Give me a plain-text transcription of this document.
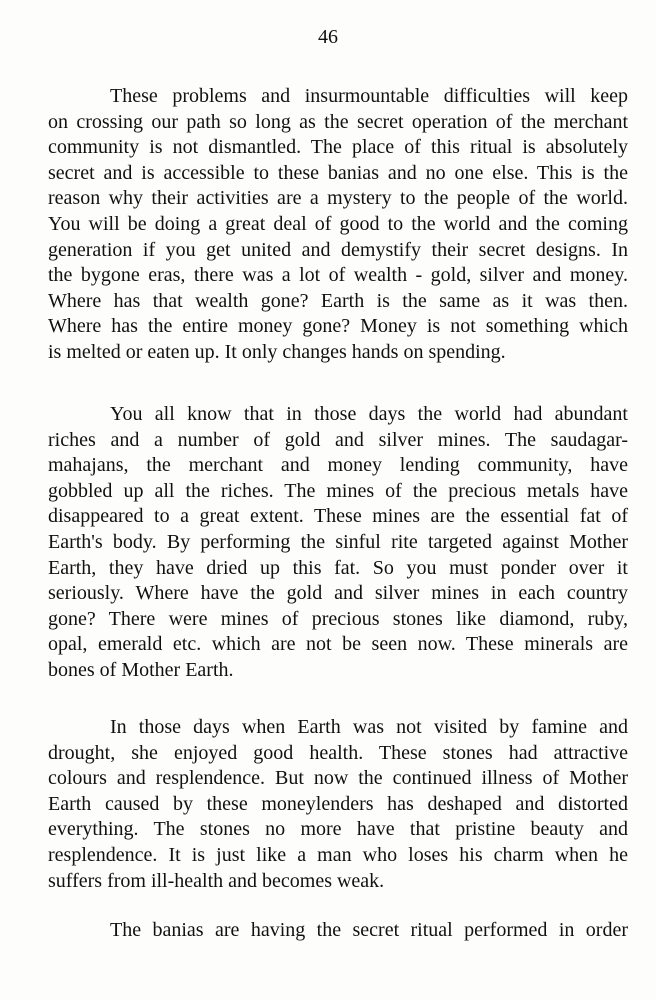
46
These problems and insurmountable difficulties will keep
on crossing our path so long as the secret operation of the merchant
community is not dismantled. The place of this ritual is absolutely
secret and is accessible to these banias and no one else. This is the
reason why their activities are a mystery to the people of the world.
You will be doing a great deal of good to the world and the coming
generation if you get united and demystify their secret designs. In
the bygone eras, there was a lot of wealth - gold, silver and money.
Where has that wealth gone? Earth is the same as it was then.
Where has the entire money gone? Money is not something which
is melted or eaten up. It only changes hands on spending.
You all know that in those days the world had abundant
riches and a number of gold and silver mines. The saudagar-
mahajans, the merchant and money lending community, have
gobbled up all the riches. The mines of the precious metals have
disappeared to a great extent. These mines are the essential fat of
Earth's body. By performing the sinful rite targeted against Mother
Earth, they have dried up this fat. So you must ponder over it
seriously. Where have the gold and silver mines in each country
gone? There were mines of precious stones like diamond, ruby,
opal, emerald etc. which are not be seen now. These minerals are
bones of Mother Earth.
In those days when Earth was not visited by famine and
drought, she enjoyed good health. These stones had attractive
colours and resplendence. But now the continued illness of Mother
Earth caused by these moneylenders has deshaped and distorted
everything. The stones no more have that pristine beauty and
resplendence. It is just like a man who loses his charm when he
suffers from ill-health and becomes weak.
The banias are having the secret ritual performed in order
